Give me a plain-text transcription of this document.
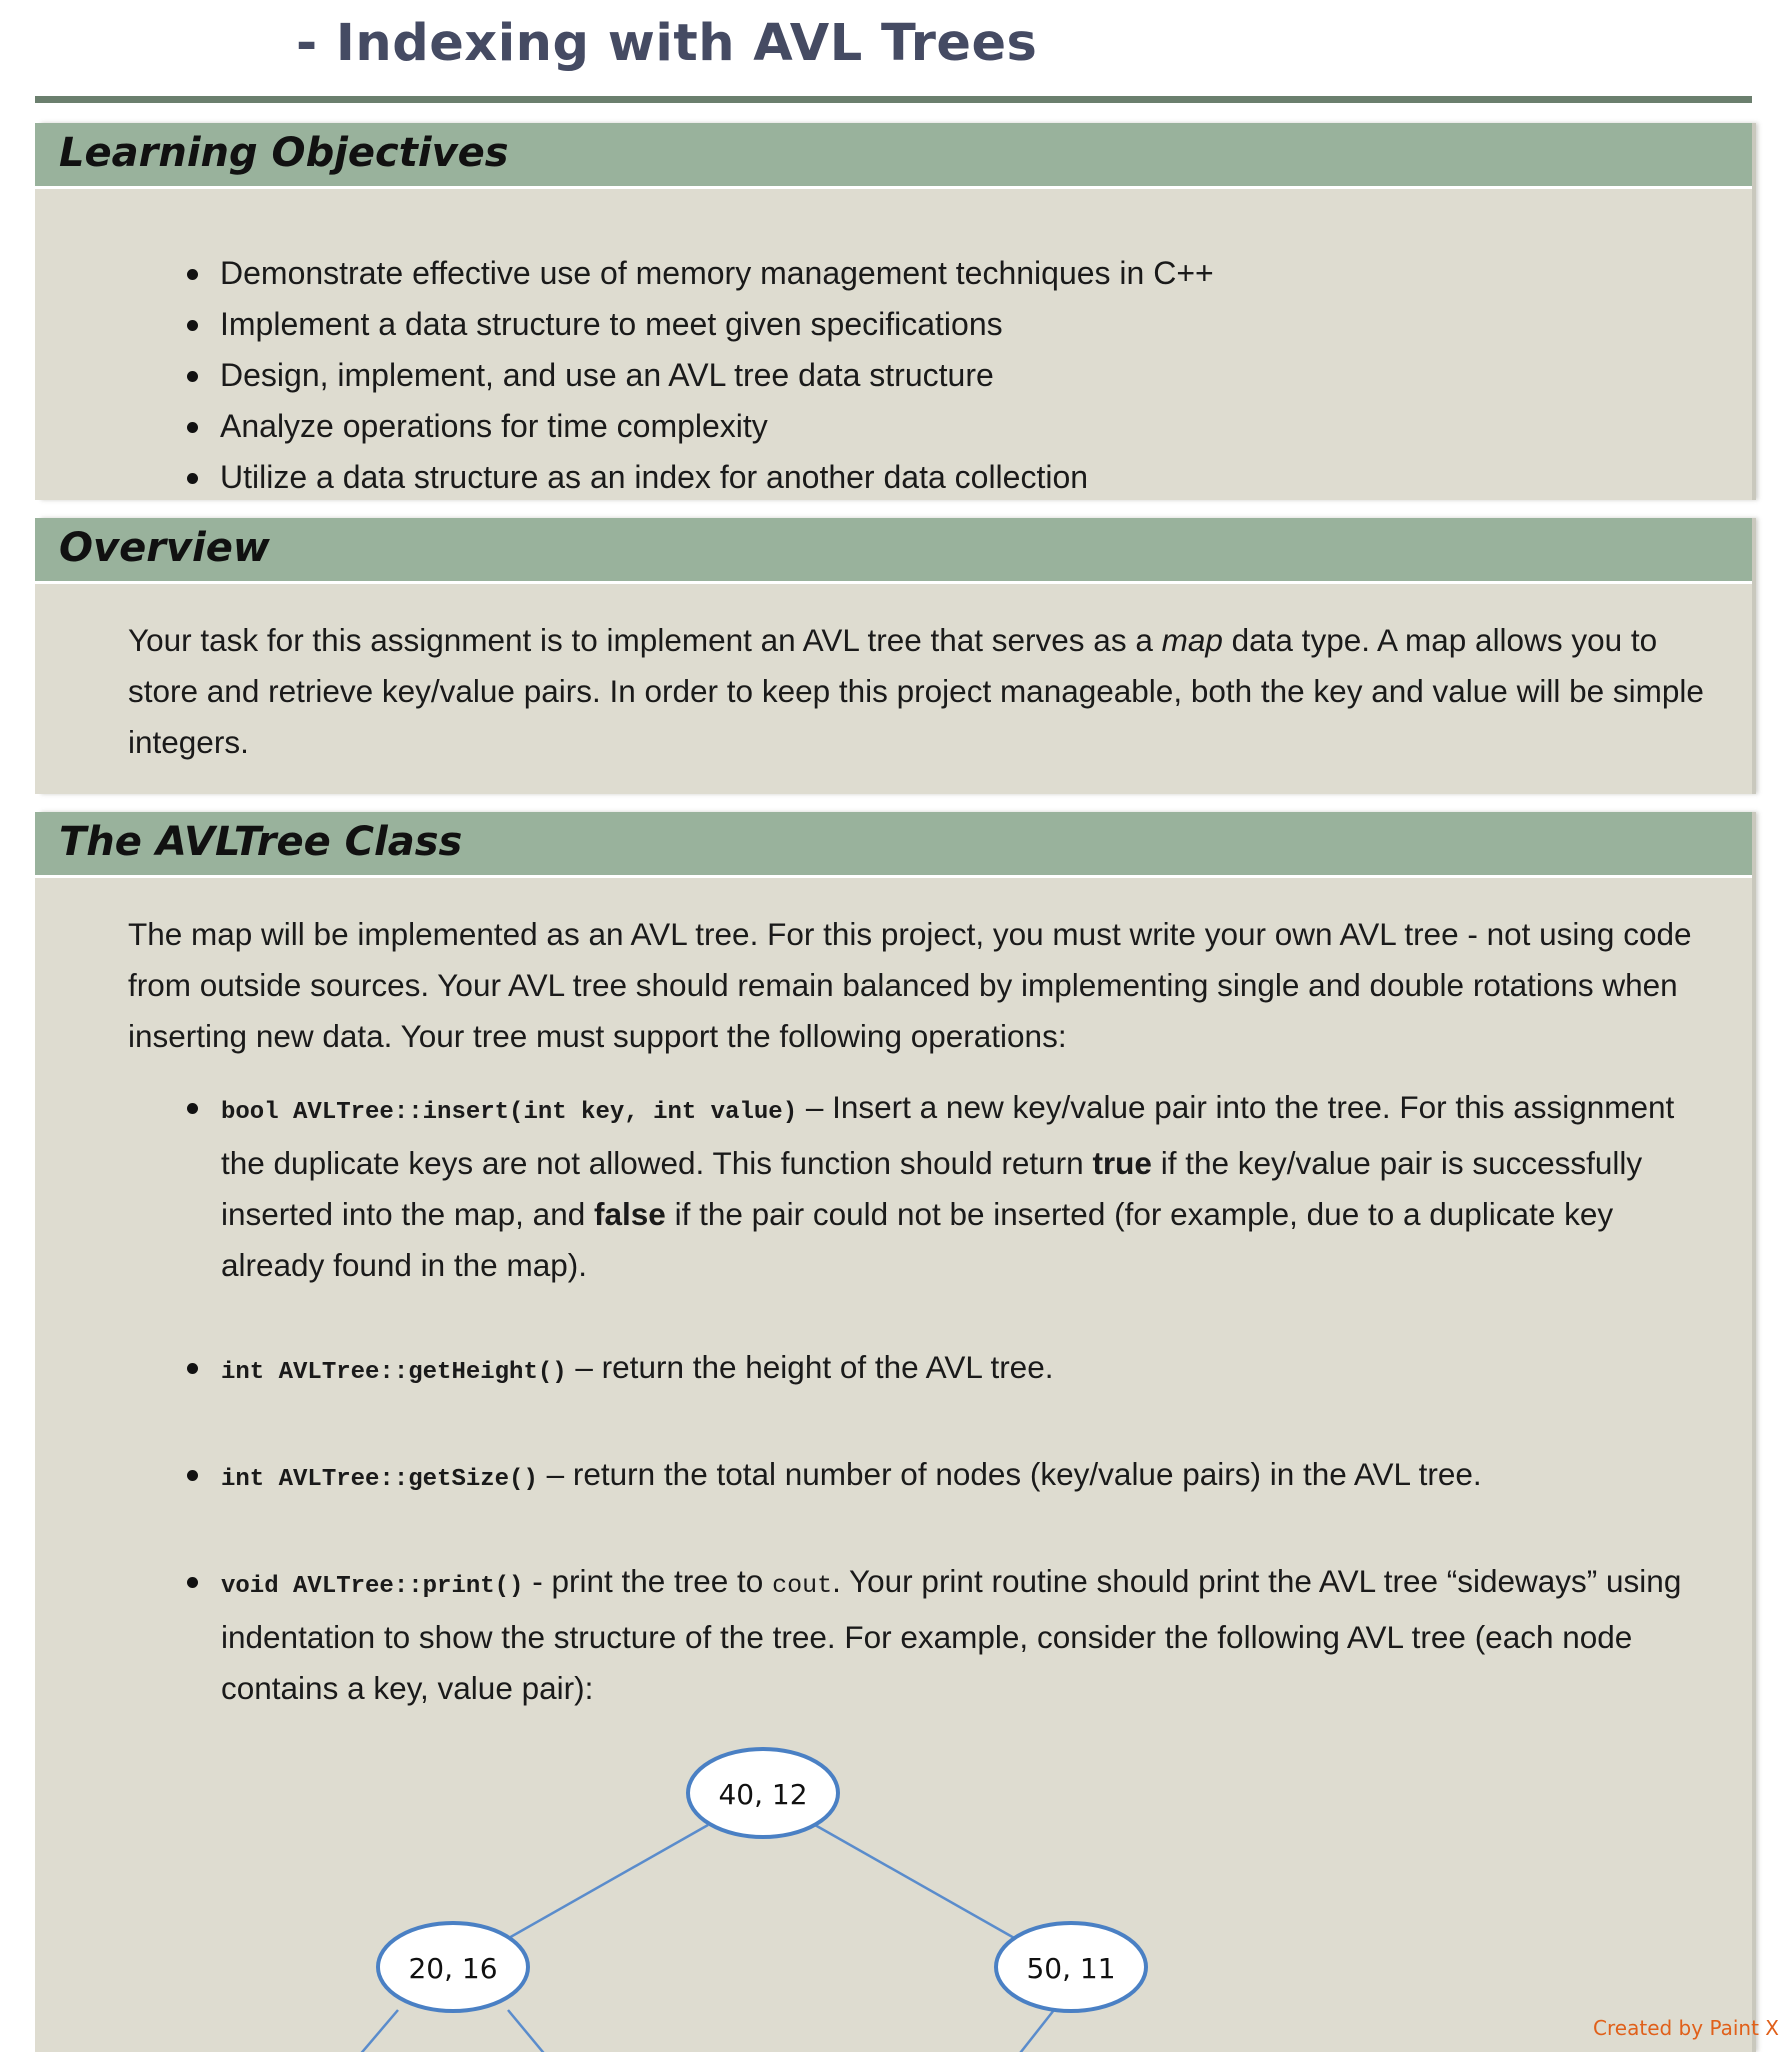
- Indexing with AVL Trees
Learning Objectives
Demonstrate effective use of memory management techniques in C++
Implement a data structure to meet given specifications
Design, implement, and use an AVL tree data structure
Analyze operations for time complexity
Utilize a data structure as an index for another data collection
Overview

Your task for this assignment is to implement an AVL tree that serves as a map data type. A map allows you to store and retrieve key/value pairs. In order to keep this project manageable, both the key and value will be simple integers.

The AVLTree Class

The map will be implemented as an AVL tree. For this project, you must write your own AVL tree - not using code from outside sources. Your AVL tree should remain balanced by implementing single and double rotations when inserting new data. Your tree must support the following operations:

bool AVLTree::insert(int key, int value) – Insert a new key/value pair into the tree. For this assignment the duplicate keys are not allowed. This function should return true if the key/value pair is successfully inserted into the map, and false if the pair could not be inserted (for example, due to a duplicate key already found in the map).
int AVLTree::getHeight() – return the height of the AVL tree.
int AVLTree::getSize() – return the total number of nodes (key/value pairs) in the AVL tree.
void AVLTree::print() - print the tree to cout. Your print routine should print the AVL tree “sideways” using indentation to show the structure of the tree. For example, consider the following AVL tree (each node contains a key, value pair):
40, 12
20, 16	50, 11
Created by Paint X
